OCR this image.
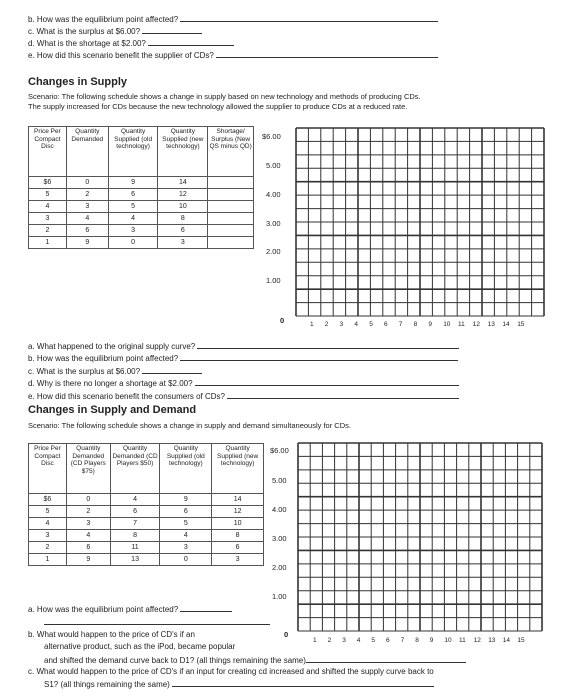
b. How was the equilibrium point affected?
c. What is the surplus at $6.00?
d. What is the shortage at $2.00?
e. How did this scenario benefit the supplier of CDs?
Changes in Supply
Scenario: The following schedule shows a change in supply based on new technology and methods of producing CDs.
The supply increased for CDs because the new technology allowed the supplier to produce CDs at a reduced rate.
Price Per Compact Disc	Quantity Demanded	Quantity Supplied (old technology)	Quantity Supplied (new technology)	Shortage/ Surplus (New QS minus QD)
$6	0	9	14	
5	2	6	12	
4	3	5	10	
3	4	4	8	
2	6	3	6	
1	9	0	3	
$6.00
5.00
4.00
3.00
2.00
1.00
0	1 2 3 4 5 6 7 8 9 10 11 12 13 14 15
a. What happened to the original supply curve?
b. How was the equilibrium point affected?
c. What is the surplus at $6.00?
d. Why is there no longer a shortage at $2.00?
e. How did this scenario benefit the consumers of CDs?
Changes in Supply and Demand
Scenario: The following schedule shows a change in supply and demand simultaneously for CDs.
Price Per Compact Disc	Quantity Demanded (CD Players $75)	Quantity Demanded (CD Players $50)	Quantity Supplied (old technology)	Quantity Supplied (new technology)
$6	0	4	9	14
5	2	6	6	12
4	3	7	5	10
3	4	8	4	8
2	6	11	3	6
1	9	13	0	3
$6.00
5.00
4.00
3.00
2.00
1.00
0
1 2 3 4 5 6 7 8 9 10 11 12 13 14 15
a. How was the equilibrium point affected?
b. What would happen to the price of CD's if an
alternative product, such as the iPod, became popular
and shifted the demand curve back to D1? (all things remaining the same)
c. What would happen to the price of CD's if an input for creating cd increased and shifted the supply curve back to
S1? (all things remaining the same)
